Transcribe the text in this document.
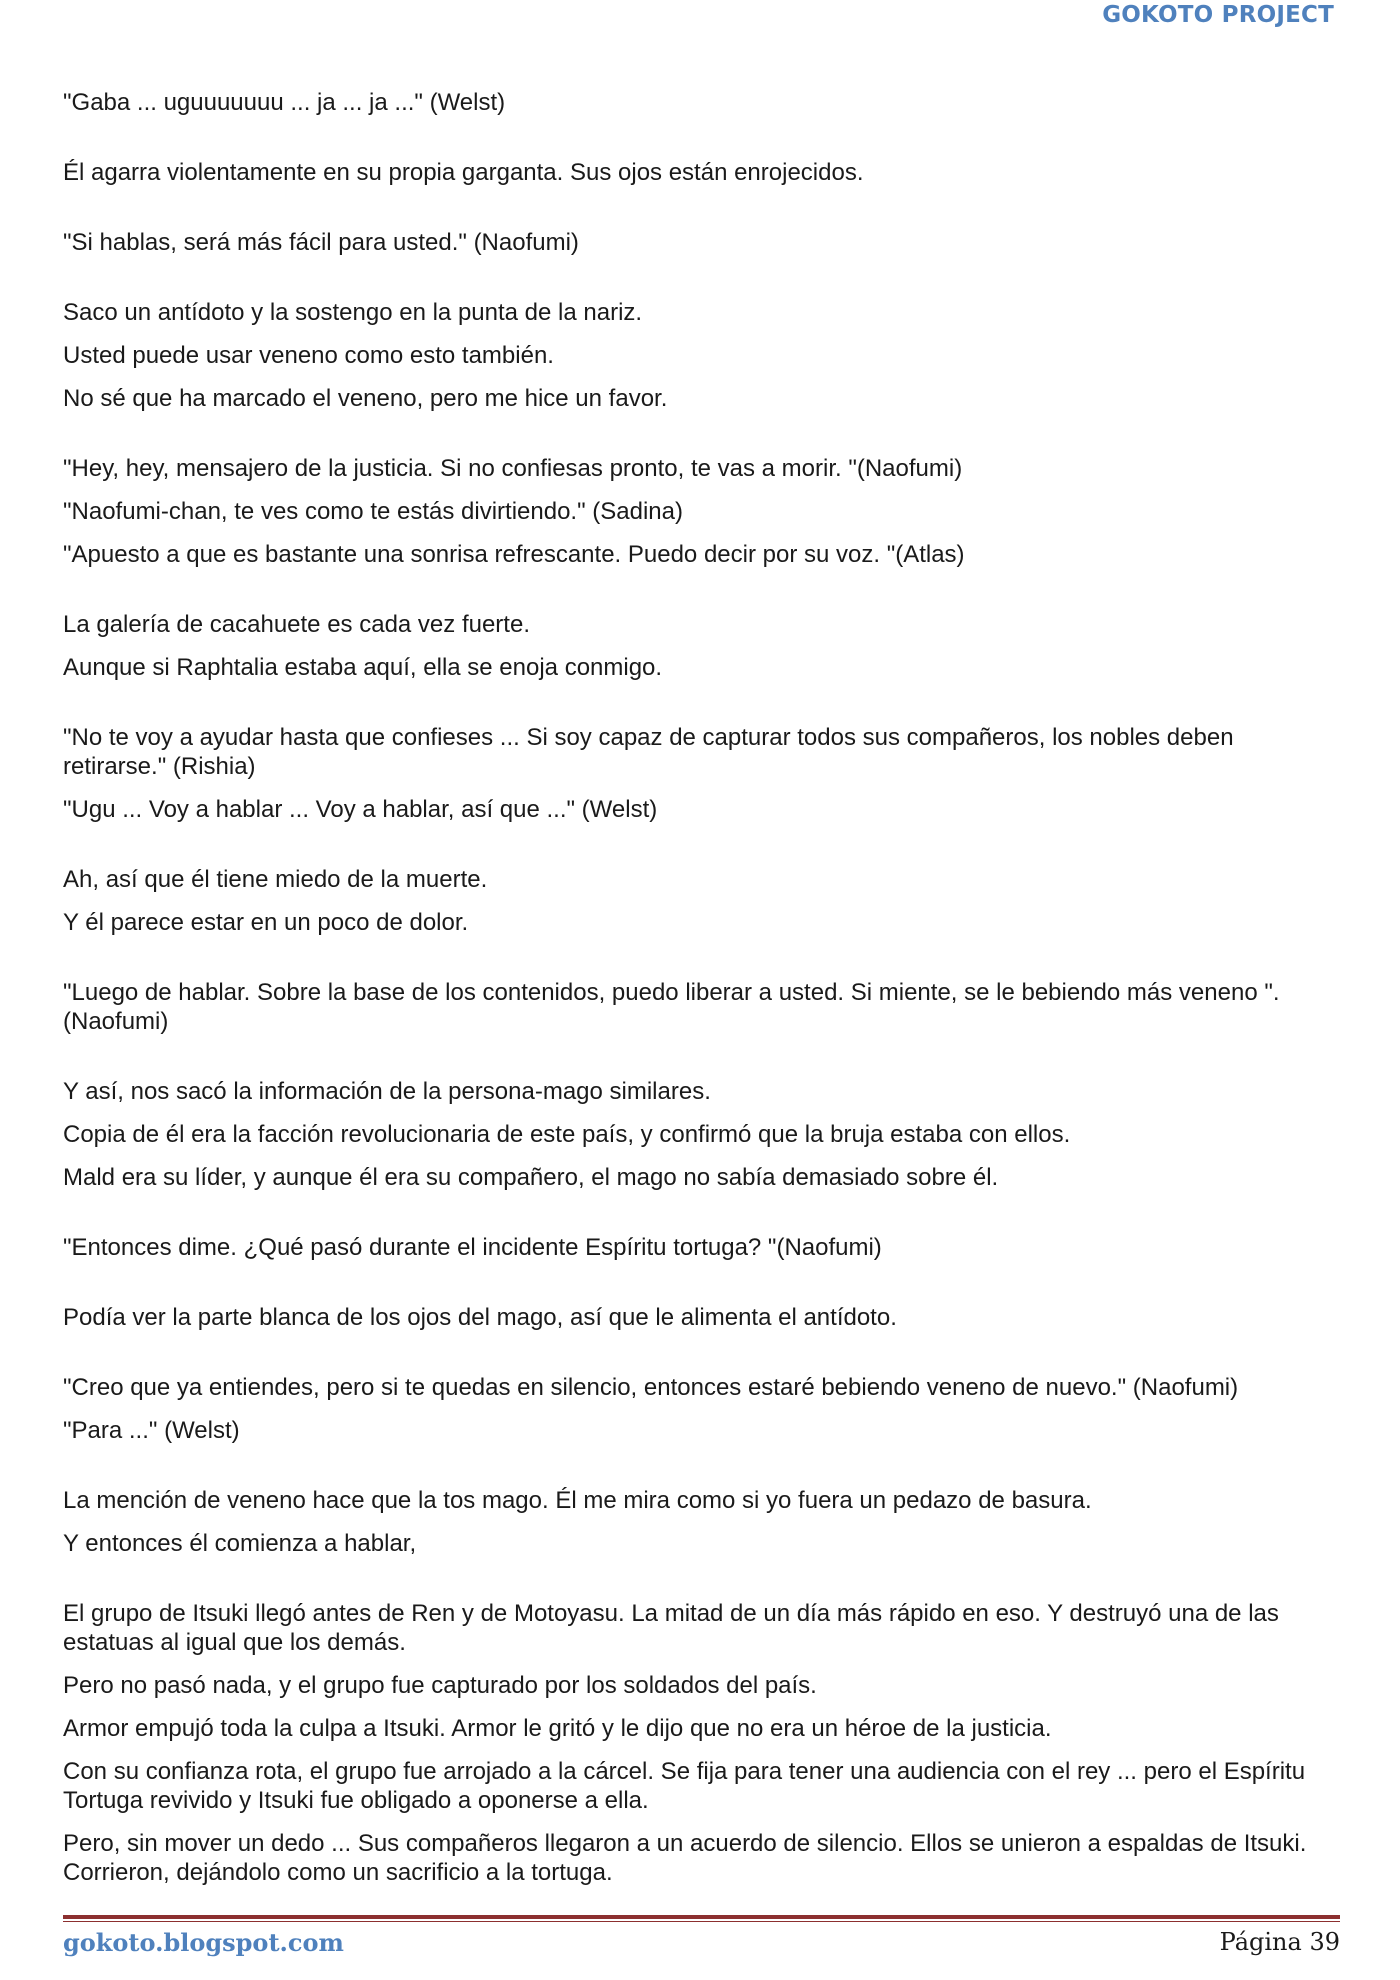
GOKOTO PROJECT

"Gaba ... uguuuuuuu ... ja ... ja ..." (Welst)

Él agarra violentamente en su propia garganta. Sus ojos están enrojecidos.

"Si hablas, será más fácil para usted." (Naofumi)

Saco un antídoto y la sostengo en la punta de la nariz.

Usted puede usar veneno como esto también.

No sé que ha marcado el veneno, pero me hice un favor.

"Hey, hey, mensajero de la justicia. Si no confiesas pronto, te vas a morir. "(Naofumi)

"Naofumi-chan, te ves como te estás divirtiendo." (Sadina)

"Apuesto a que es bastante una sonrisa refrescante. Puedo decir por su voz. "(Atlas)

La galería de cacahuete es cada vez fuerte.

Aunque si Raphtalia estaba aquí, ella se enoja conmigo.

"No te voy a ayudar hasta que confieses ... Si soy capaz de capturar todos sus compañeros, los nobles deben retirarse." (Rishia)

"Ugu ... Voy a hablar ... Voy a hablar, así que ..." (Welst)

Ah, así que él tiene miedo de la muerte.

Y él parece estar en un poco de dolor.

"Luego de hablar. Sobre la base de los contenidos, puedo liberar a usted. Si miente, se le bebiendo más veneno ". (Naofumi)

Y así, nos sacó la información de la persona-mago similares.

Copia de él era la facción revolucionaria de este país, y confirmó que la bruja estaba con ellos.

Mald era su líder, y aunque él era su compañero, el mago no sabía demasiado sobre él.

"Entonces dime. ¿Qué pasó durante el incidente Espíritu tortuga? "(Naofumi)

Podía ver la parte blanca de los ojos del mago, así que le alimenta el antídoto.

"Creo que ya entiendes, pero si te quedas en silencio, entonces estaré bebiendo veneno de nuevo." (Naofumi)

"Para ..." (Welst)

La mención de veneno hace que la tos mago. Él me mira como si yo fuera un pedazo de basura.

Y entonces él comienza a hablar,

El grupo de Itsuki llegó antes de Ren y de Motoyasu. La mitad de un día más rápido en eso. Y destruyó una de las estatuas al igual que los demás.

Pero no pasó nada, y el grupo fue capturado por los soldados del país.

Armor empujó toda la culpa a Itsuki. Armor le gritó y le dijo que no era un héroe de la justicia.

Con su confianza rota, el grupo fue arrojado a la cárcel. Se fija para tener una audiencia con el rey ... pero el Espíritu Tortuga revivido y Itsuki fue obligado a oponerse a ella.

Pero, sin mover un dedo ... Sus compañeros llegaron a un acuerdo de silencio. Ellos se unieron a espaldas de Itsuki. Corrieron, dejándolo como un sacrificio a la tortuga.

gokoto.blogspot.com	Página 39
